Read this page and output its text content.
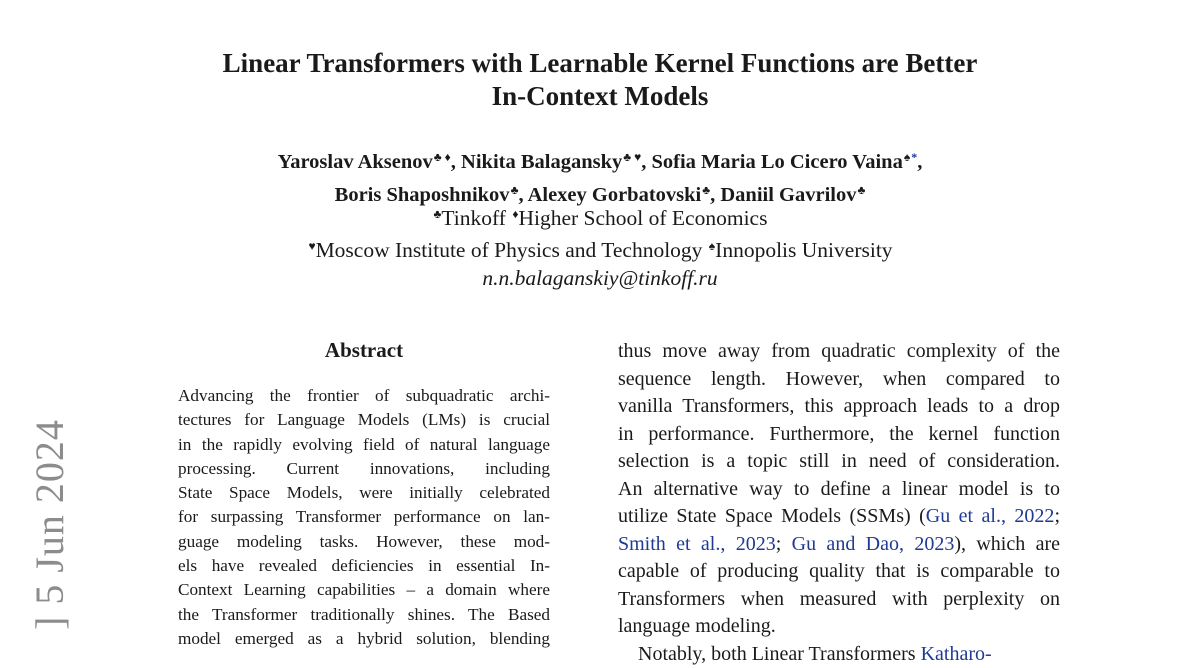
] 5 Jun 2024
Linear Transformers with Learnable Kernel Functions are Better
In-Context Models
Yaroslav Aksenov♣ ♦, Nikita Balagansky♣ ♥, Sofia Maria Lo Cicero Vaina♠*,
Boris Shaposhnikov♣, Alexey Gorbatovski♣, Daniil Gavrilov♣
♣Tinkoff ♦Higher School of Economics
♥Moscow Institute of Physics and Technology ♠Innopolis University
n.n.balaganskiy@tinkoff.ru
Abstract
Advancing the frontier of subquadratic archi-
tectures for Language Models (LMs) is crucial
in the rapidly evolving field of natural language
processing. Current innovations, including
State Space Models, were initially celebrated
for surpassing Transformer performance on lan-
guage modeling tasks. However, these mod-
els have revealed deficiencies in essential In-
Context Learning capabilities – a domain where
the Transformer traditionally shines. The Based
model emerged as a hybrid solution, blending
thus move away from quadratic complexity of the
sequence length. However, when compared to
vanilla Transformers, this approach leads to a drop
in performance. Furthermore, the kernel function
selection is a topic still in need of consideration.
An alternative way to define a linear model is to
utilize State Space Models (SSMs) (Gu et al., 2022;
Smith et al., 2023; Gu and Dao, 2023), which are
capable of producing quality that is comparable to
Transformers when measured with perplexity on
language modeling.
Notably, both Linear Transformers Katharo-
